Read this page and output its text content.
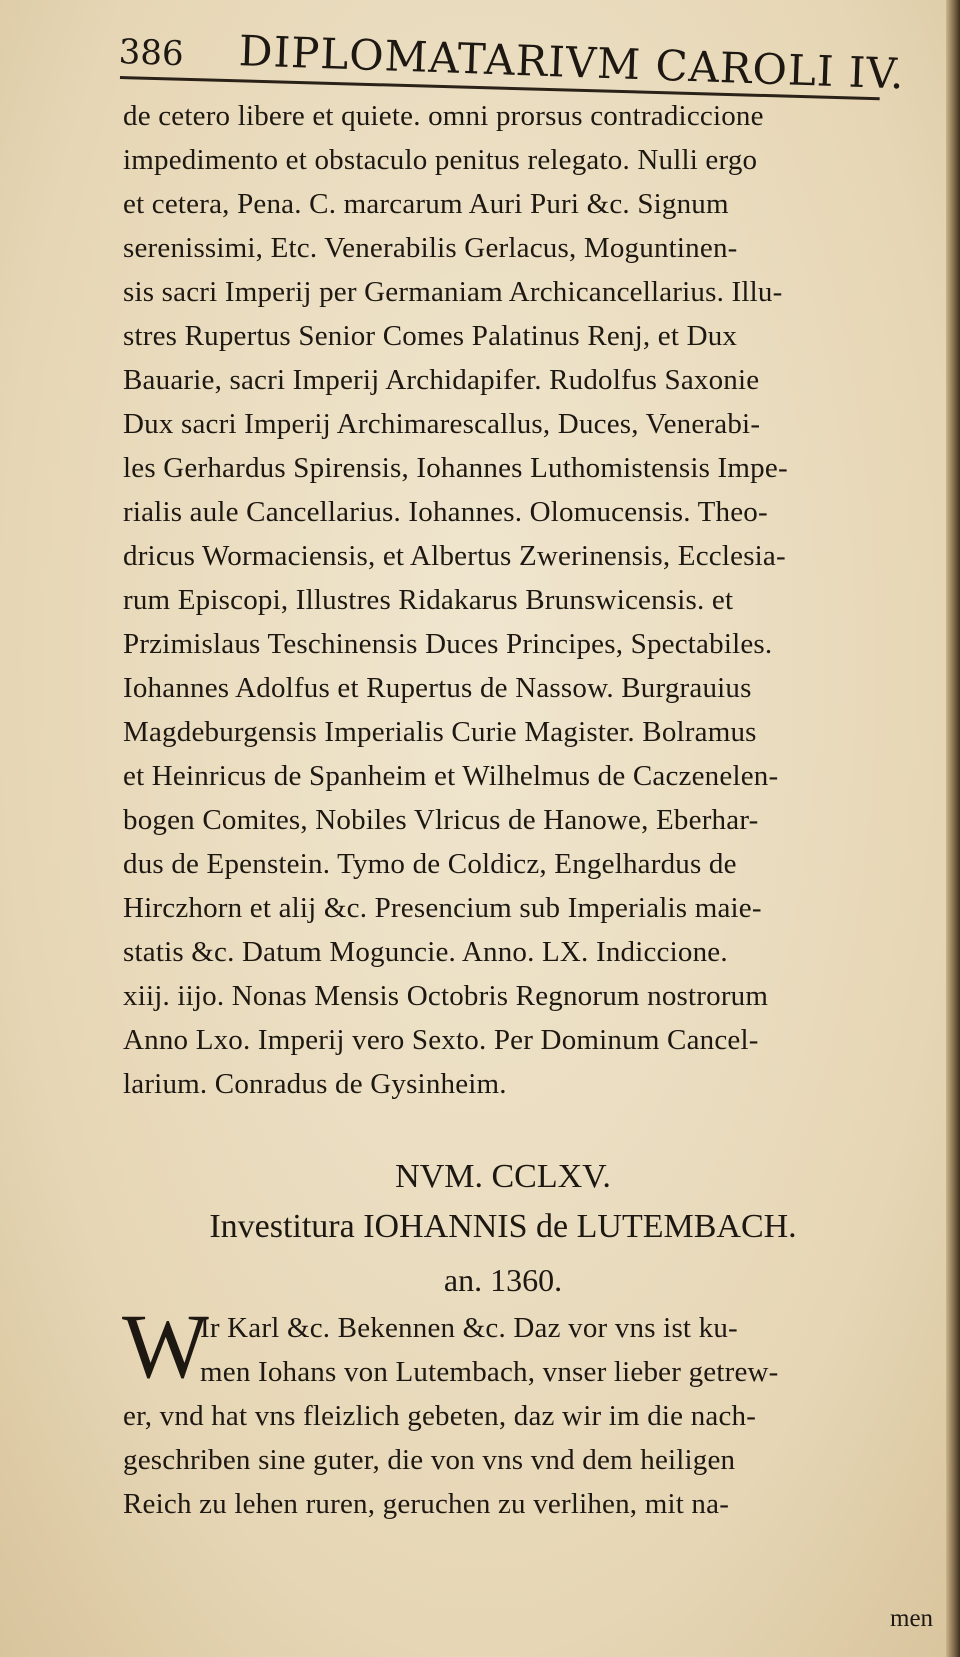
386 DIPLOMATARIVM CAROLI IV.
de cetero libere et quiete. omni prorsus contradiccione
impedimento et obstaculo penitus relegato. Nulli ergo
et cetera, Pena. C. marcarum Auri Puri &c. Signum
serenissimi, Etc. Venerabilis Gerlacus, Moguntinen-
sis sacri Imperij per Germaniam Archicancellarius. Illu-
stres Rupertus Senior Comes Palatinus Renj, et Dux
Bauarie, sacri Imperij Archidapifer. Rudolfus Saxonie
Dux sacri Imperij Archimarescallus, Duces, Venerabi-
les Gerhardus Spirensis, Iohannes Luthomistensis Impe-
rialis aule Cancellarius. Iohannes. Olomucensis. Theo-
dricus Wormaciensis, et Albertus Zwerinensis, Ecclesia-
rum Episcopi, Illustres Ridakarus Brunswicensis. et
Przimislaus Teschinensis Duces Principes, Spectabiles.
Iohannes Adolfus et Rupertus de Nassow. Burgrauius
Magdeburgensis Imperialis Curie Magister. Bolramus
et Heinricus de Spanheim et Wilhelmus de Caczenelen-
bogen Comites, Nobiles Vlricus de Hanowe, Eberhar-
dus de Epenstein. Tymo de Coldicz, Engelhardus de
Hirczhorn et alij &c. Presencium sub Imperialis maie-
statis &c. Datum Moguncie. Anno. LX. Indiccione.
xiij. iijo. Nonas Mensis Octobris Regnorum nostrorum
Anno Lxo. Imperij vero Sexto. Per Dominum Cancel-
larium. Conradus de Gysinheim.
NVM. CCLXV.
Investitura IOHANNIS de LUTEMBACH.
an. 1360.
W
Ir Karl &c. Bekennen &c. Daz vor vns ist ku-
men Iohans von Lutembach, vnser lieber getrew-
er, vnd hat vns fleizlich gebeten, daz wir im die nach-
geschriben sine guter, die von vns vnd dem heiligen
Reich zu lehen ruren, geruchen zu verlihen, mit na-
men
